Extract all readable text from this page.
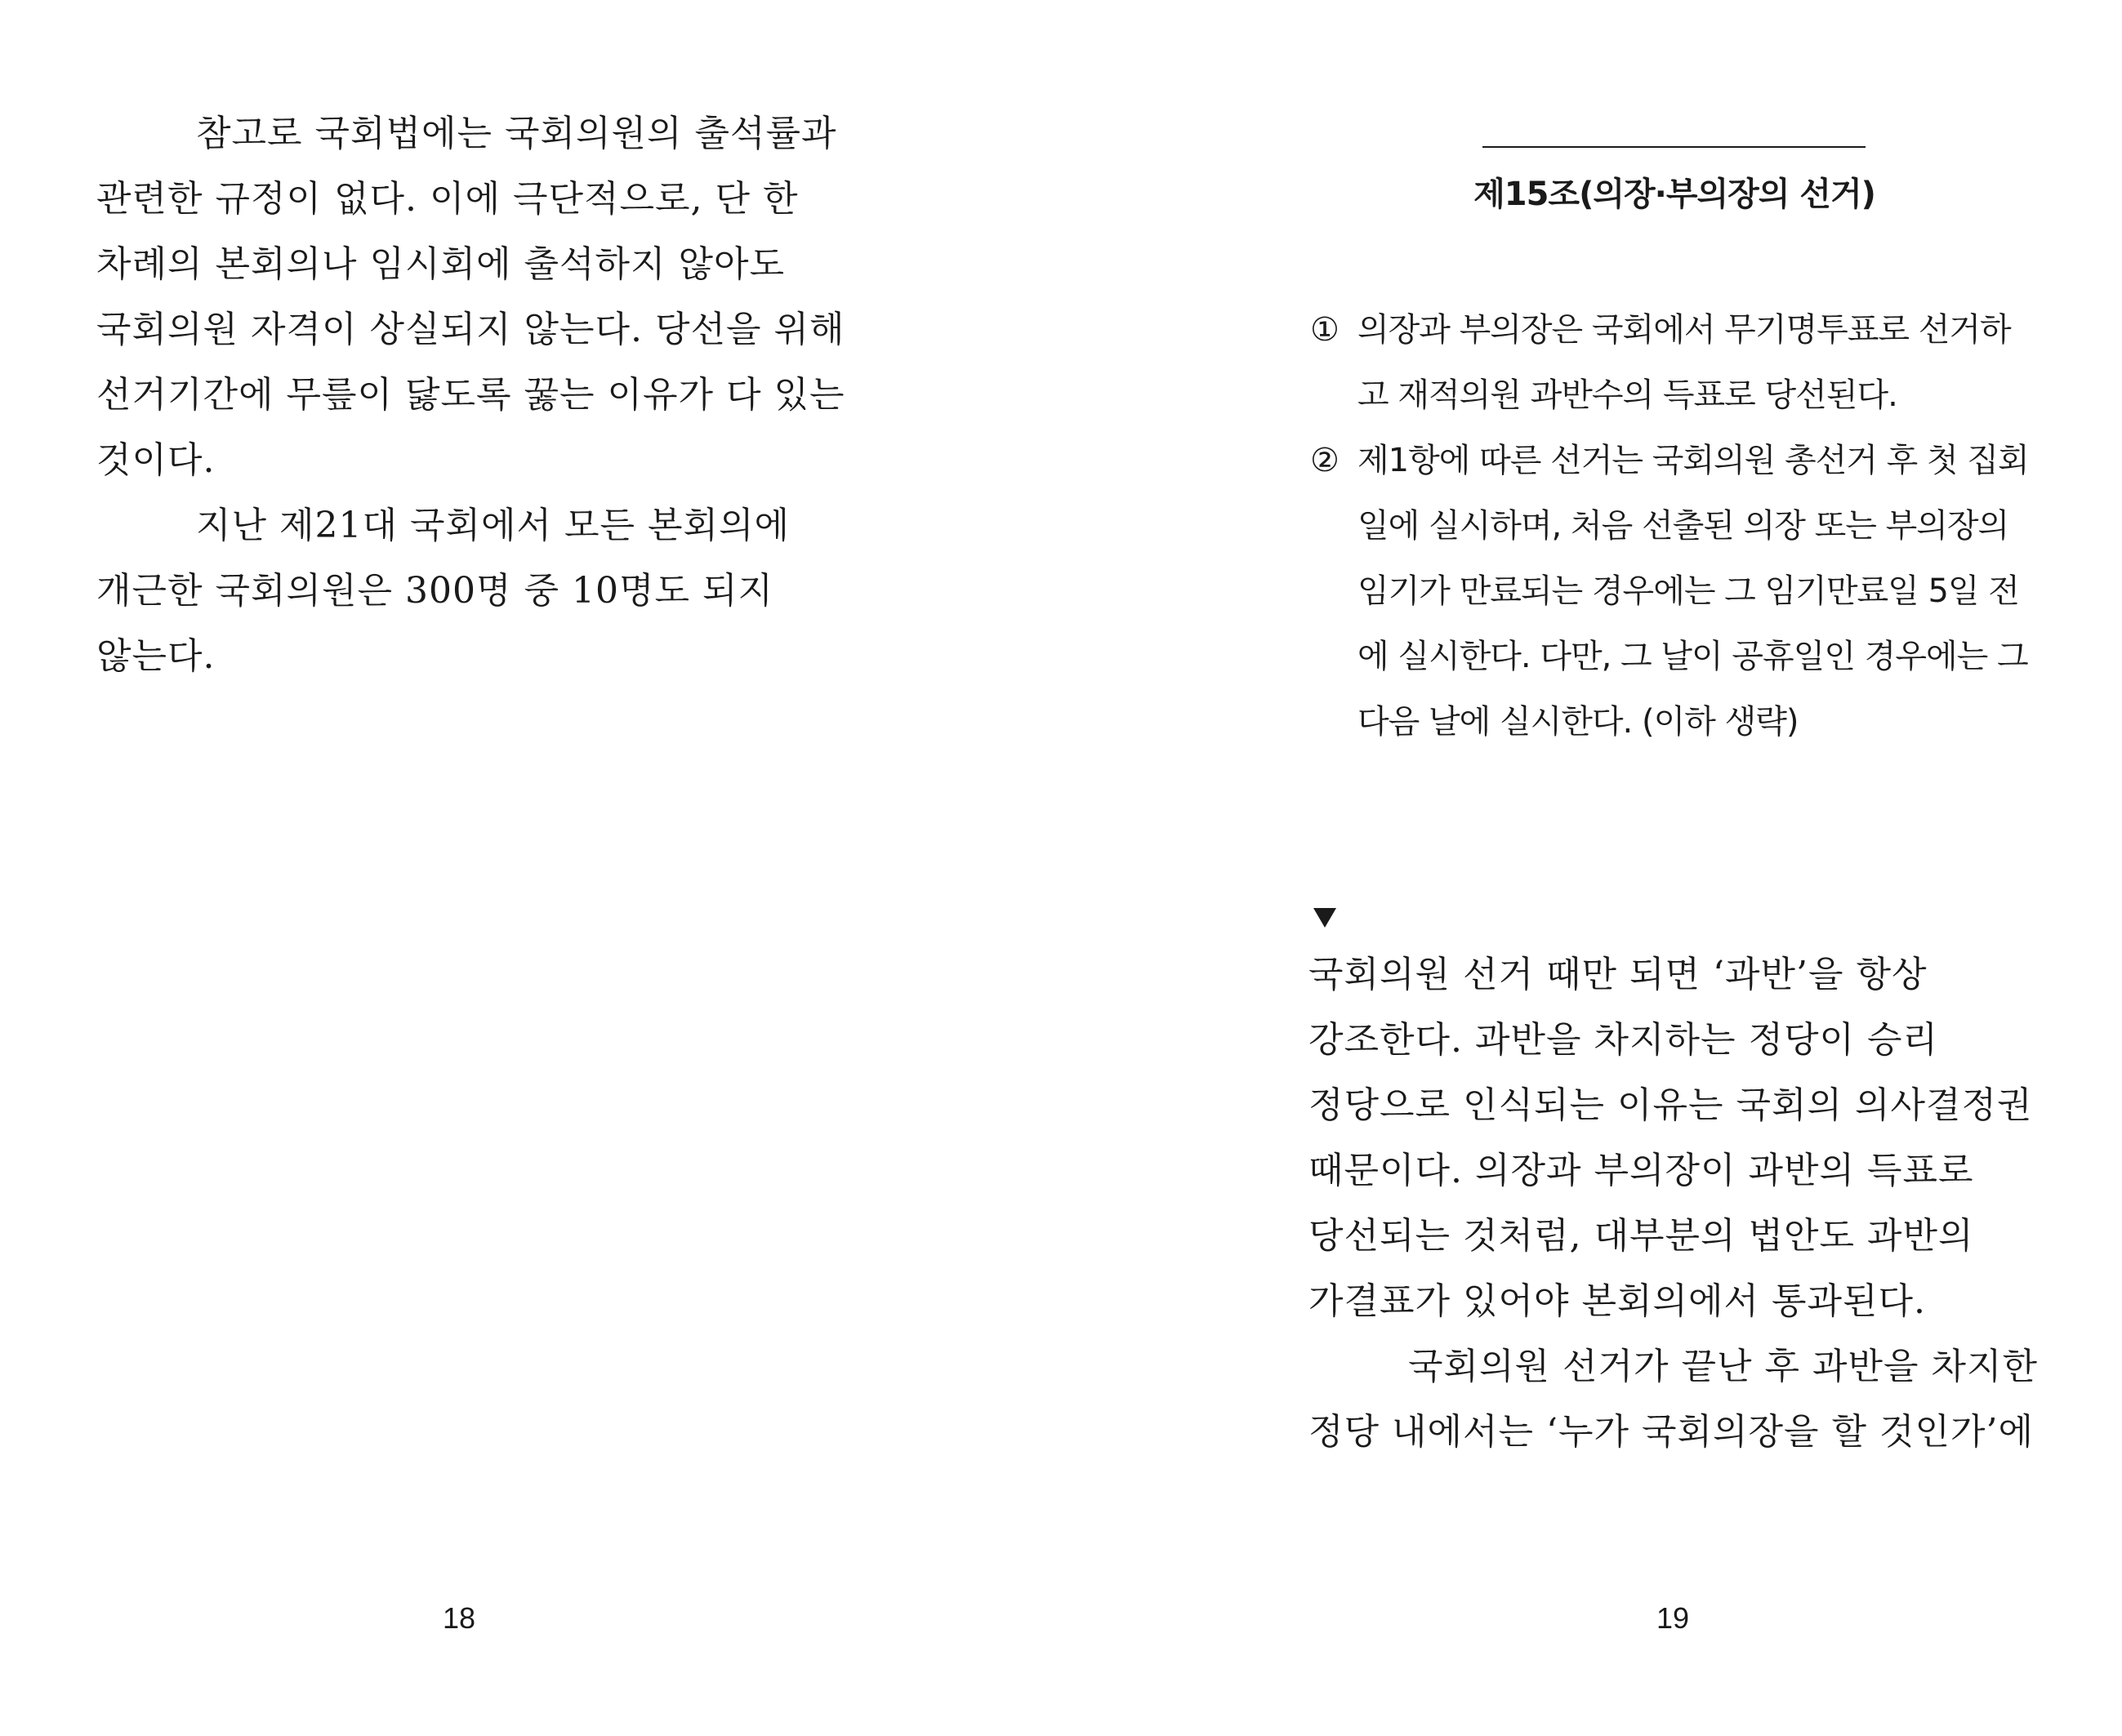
참고로 국회법에는 국회의원의 출석률과

관련한 규정이 없다. 이에 극단적으로, 단 한

차례의 본회의나 임시회에 출석하지 않아도

국회의원 자격이 상실되지 않는다. 당선을 위해

선거기간에 무릎이 닳도록 꿇는 이유가 다 있는

것이다.

지난 제21대 국회에서 모든 본회의에

개근한 국회의원은 300명 중 10명도 되지

않는다.

18
제15조(의장·부의장의 선거)
① 의장과 부의장은 국회에서 무기명투표로 선거하
고 재적의원 과반수의 득표로 당선된다.
② 제1항에 따른 선거는 국회의원 총선거 후 첫 집회
일에 실시하며, 처음 선출된 의장 또는 부의장의
임기가 만료되는 경우에는 그 임기만료일 5일 전
에 실시한다. 다만, 그 날이 공휴일인 경우에는 그
다음 날에 실시한다. (이하 생략)

국회의원 선거 때만 되면 ‘과반’을 항상

강조한다. 과반을 차지하는 정당이 승리

정당으로 인식되는 이유는 국회의 의사결정권

때문이다. 의장과 부의장이 과반의 득표로

당선되는 것처럼, 대부분의 법안도 과반의

가결표가 있어야 본회의에서 통과된다.

국회의원 선거가 끝난 후 과반을 차지한

정당 내에서는 ‘누가 국회의장을 할 것인가’에

19
